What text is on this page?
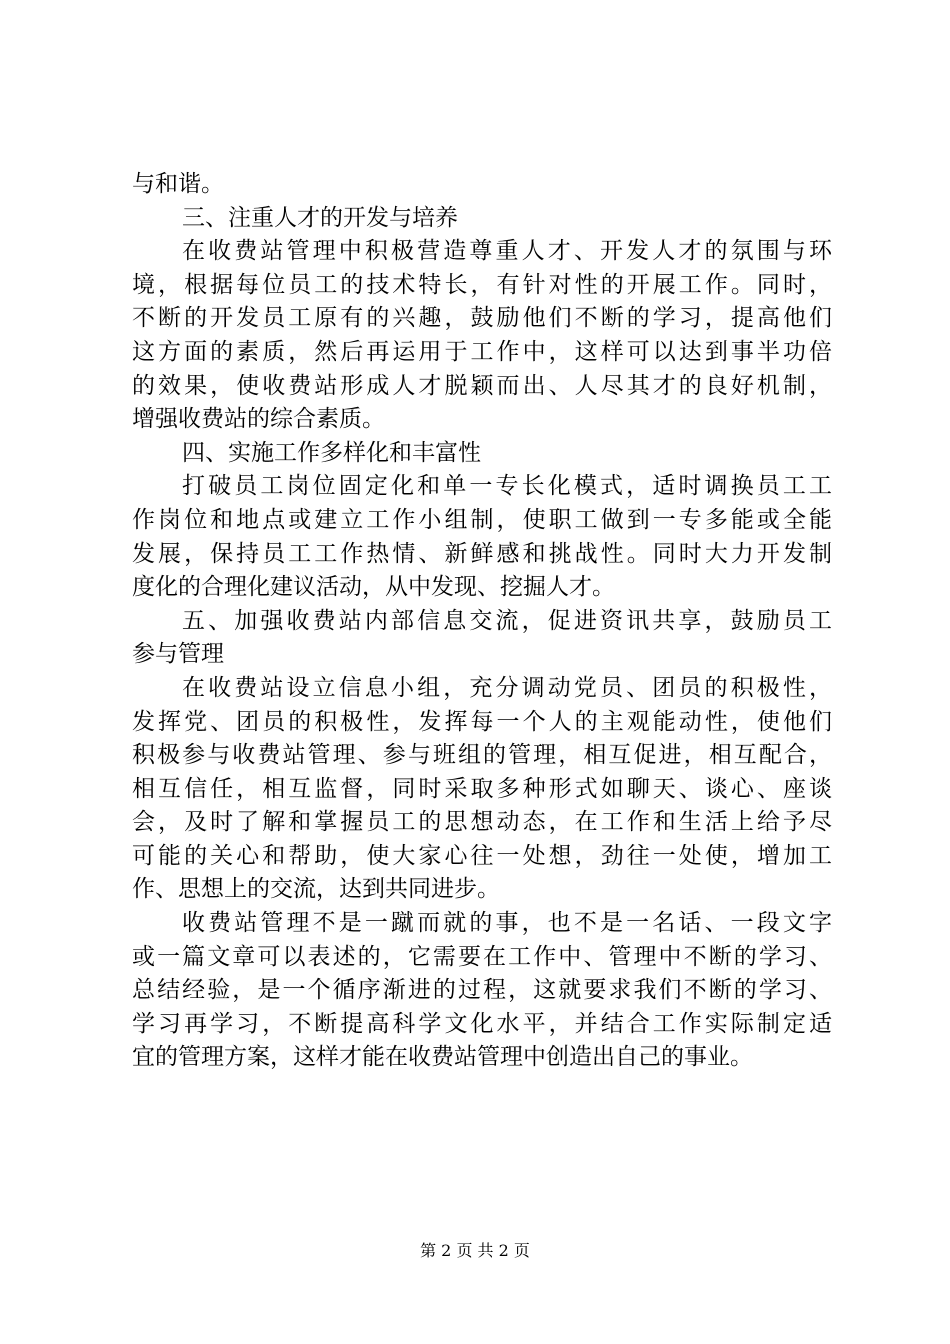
与和谐。
三、注重人才的开发与培养
在收费站管理中积极营造尊重人才、开发人才的氛围与环
境，根据每位员工的技术特长，有针对性的开展工作。同时，
不断的开发员工原有的兴趣，鼓励他们不断的学习，提高他们
这方面的素质，然后再运用于工作中，这样可以达到事半功倍
的效果，使收费站形成人才脱颖而出、人尽其才的良好机制，
增强收费站的综合素质。
四、实施工作多样化和丰富性
打破员工岗位固定化和单一专长化模式，适时调换员工工
作岗位和地点或建立工作小组制，使职工做到一专多能或全能
发展，保持员工工作热情、新鲜感和挑战性。同时大力开发制
度化的合理化建议活动，从中发现、挖掘人才。
五、加强收费站内部信息交流，促进资讯共享，鼓励员工
参与管理
在收费站设立信息小组，充分调动党员、团员的积极性，
发挥党、团员的积极性，发挥每一个人的主观能动性，使他们
积极参与收费站管理、参与班组的管理，相互促进，相互配合，
相互信任，相互监督，同时采取多种形式如聊天、谈心、座谈
会，及时了解和掌握员工的思想动态，在工作和生活上给予尽
可能的关心和帮助，使大家心往一处想，劲往一处使，增加工
作、思想上的交流，达到共同进步。
收费站管理不是一蹴而就的事，也不是一名话、一段文字
或一篇文章可以表述的，它需要在工作中、管理中不断的学习、
总结经验，是一个循序渐进的过程，这就要求我们不断的学习、
学习再学习，不断提高科学文化水平，并结合工作实际制定适
宜的管理方案，这样才能在收费站管理中创造出自己的事业。
第 2 页 共 2 页
